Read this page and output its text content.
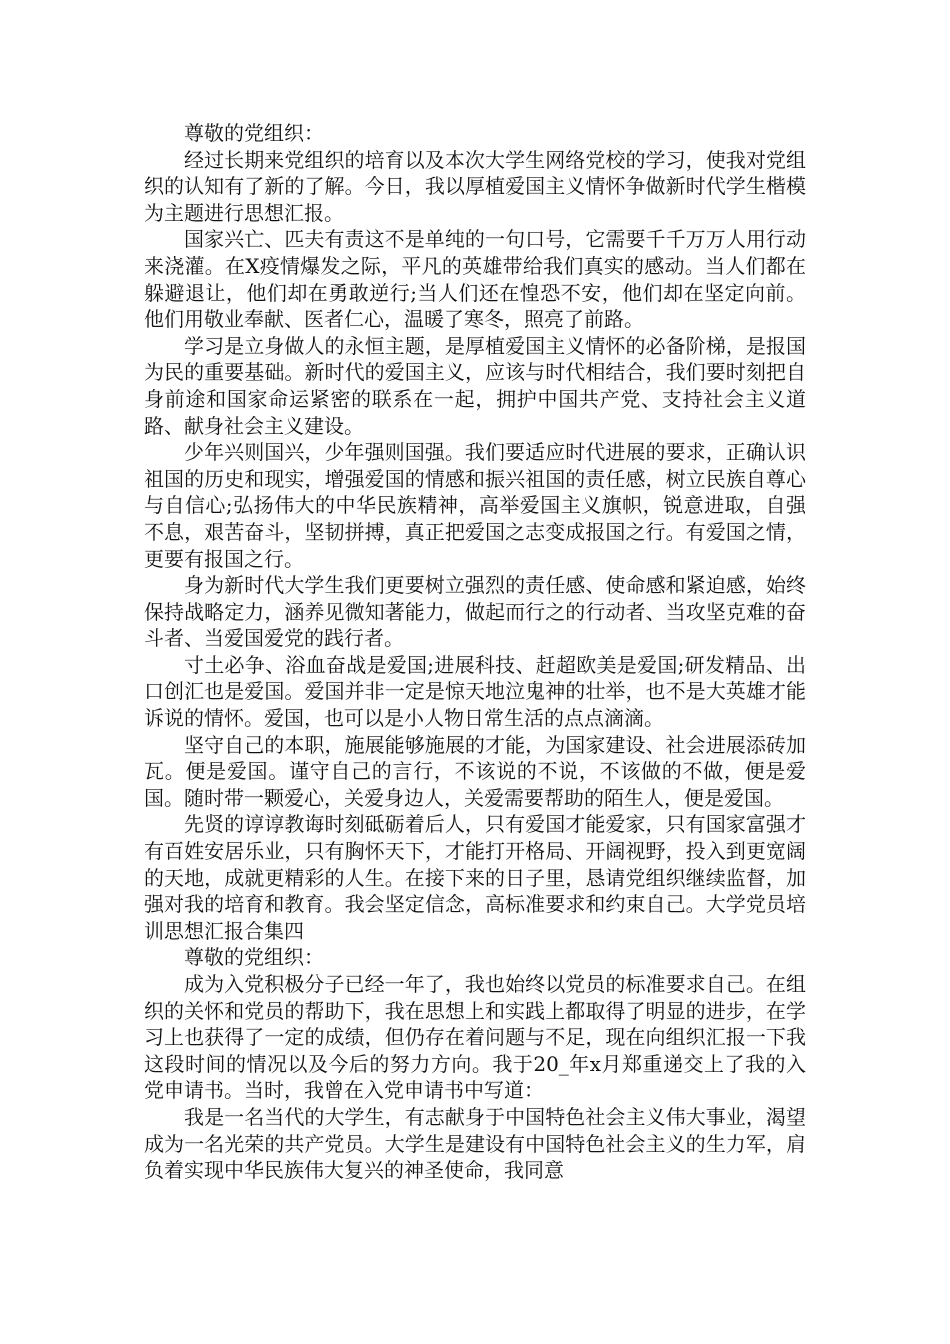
尊敬的党组织：

经过长期来党组织的培育以及本次大学生网络党校的学习，使我对党组织的认知有了新的了解。今日，我以厚植爱国主义情怀争做新时代学生楷模为主题进行思想汇报。

国家兴亡、匹夫有责这不是单纯的一句口号，它需要千千万万人用行动来浇灌。在X疫情爆发之际，平凡的英雄带给我们真实的感动。当人们都在躲避退让，他们却在勇敢逆行;当人们还在惶恐不安，他们却在坚定向前。他们用敬业奉献、医者仁心，温暖了寒冬，照亮了前路。

学习是立身做人的永恒主题，是厚植爱国主义情怀的必备阶梯，是报国为民的重要基础。新时代的爱国主义，应该与时代相结合，我们要时刻把自身前途和国家命运紧密的联系在一起，拥护中国共产党、支持社会主义道路、献身社会主义建设。

少年兴则国兴，少年强则国强。我们要适应时代进展的要求，正确认识祖国的历史和现实，增强爱国的情感和振兴祖国的责任感，树立民族自尊心与自信心;弘扬伟大的中华民族精神，高举爱国主义旗帜，锐意进取，自强不息，艰苦奋斗，坚韧拼搏，真正把爱国之志变成报国之行。有爱国之情，更要有报国之行。

身为新时代大学生我们更要树立强烈的责任感、使命感和紧迫感，始终保持战略定力，涵养见微知著能力，做起而行之的行动者、当攻坚克难的奋斗者、当爱国爱党的践行者。

寸土必争、浴血奋战是爱国;进展科技、赶超欧美是爱国;研发精品、出口创汇也是爱国。爱国并非一定是惊天地泣鬼神的壮举，也不是大英雄才能诉说的情怀。爱国，也可以是小人物日常生活的点点滴滴。

坚守自己的本职，施展能够施展的才能，为国家建设、社会进展添砖加瓦。便是爱国。谨守自己的言行，不该说的不说，不该做的不做，便是爱国。随时带一颗爱心，关爱身边人，关爱需要帮助的陌生人，便是爱国。

先贤的谆谆教诲时刻砥砺着后人，只有爱国才能爱家，只有国家富强才有百姓安居乐业，只有胸怀天下，才能打开格局、开阔视野，投入到更宽阔的天地，成就更精彩的人生。在接下来的日子里，恳请党组织继续监督，加强对我的培育和教育。我会坚定信念，高标准要求和约束自己。大学党员培训思想汇报合集四

尊敬的党组织：

成为入党积极分子已经一年了，我也始终以党员的标准要求自己。在组织的关怀和党员的帮助下，我在思想上和实践上都取得了明显的进步，在学习上也获得了一定的成绩，但仍存在着问题与不足，现在向组织汇报一下我这段时间的情况以及今后的努力方向。我于20_年x月郑重递交上了我的入党申请书。当时，我曾在入党申请书中写道：

我是一名当代的大学生，有志献身于中国特色社会主义伟大事业，渴望成为一名光荣的共产党员。大学生是建设有中国特色社会主义的生力军，肩负着实现中华民族伟大复兴的神圣使命，我同意
